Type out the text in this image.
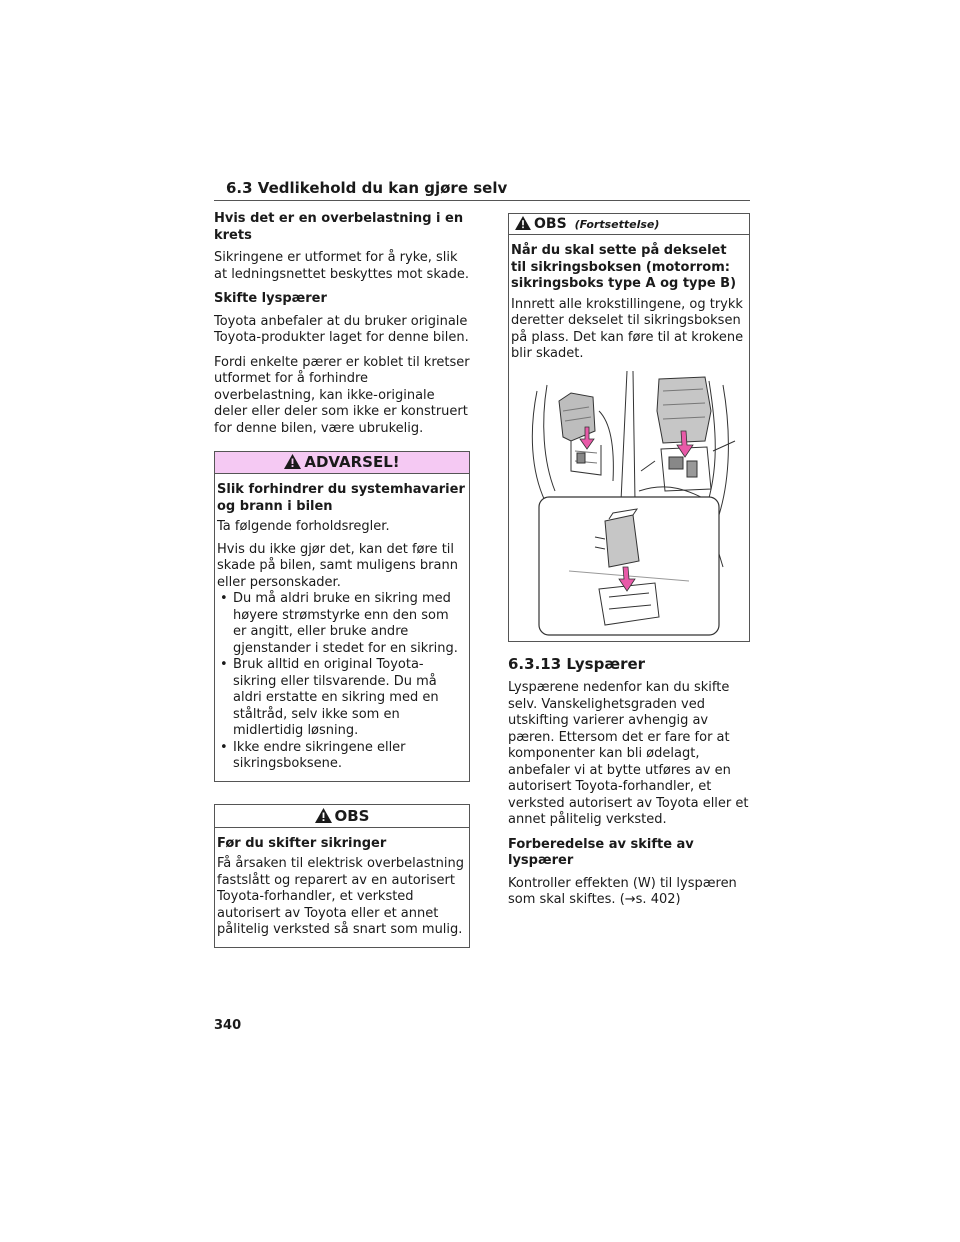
6.3 Vedlikehold du kan gjøre selv
Hvis det er en overbelastning i en krets

Sikringene er utformet for å ryke, slik at ledningsnettet beskyttes mot skade.

Skifte lyspærer

Toyota anbefaler at du bruker originale Toyota-produkter laget for denne bilen.

Fordi enkelte pærer er koblet til kretser utformet for å forhindre overbelastning, kan ikke-originale deler eller deler som ikke er konstruert for denne bilen, være ubrukelig.

ADVARSEL!
Slik forhindrer du systemhavarier og brann i bilen

Ta følgende forholdsregler.

Hvis du ikke gjør det, kan det føre til skade på bilen, samt muligens brann eller personskader.

• Du må aldri bruke en sikring med høyere strømstyrke enn den som er angitt, eller bruke andre gjenstander i stedet for en sikring.
• Bruk alltid en original Toyota-sikring eller tilsvarende. Du må aldri erstatte en sikring med en ståltråd, selv ikke som en midlertidig løsning.
• Ikke endre sikringene eller sikringsboksene.
OBS
Før du skifter sikringer

Få årsaken til elektrisk overbelastning fastslått og reparert av en autorisert Toyota-forhandler, et verksted autorisert av Toyota eller et annet pålitelig verksted så snart som mulig.

OBS (Fortsettelse)
Når du skal sette på dekselet til sikringsboksen (motorrom: sikringsboks type A og type B)

Innrett alle krokstillingene, og trykk deretter dekselet til sikringsboksen på plass. Det kan føre til at krokene blir skadet.

6.3.13 Lyspærer

Lyspærene nedenfor kan du skifte selv. Vanskelighetsgraden ved utskifting varierer avhengig av pæren. Ettersom det er fare for at komponenter kan bli ødelagt, anbefaler vi at bytte utføres av en autorisert Toyota-forhandler, et verksted autorisert av Toyota eller et annet pålitelig verksted.

Forberedelse av skifte av lyspærer

Kontroller effekten (W) til lyspæren som skal skiftes. (→s. 402)

340
